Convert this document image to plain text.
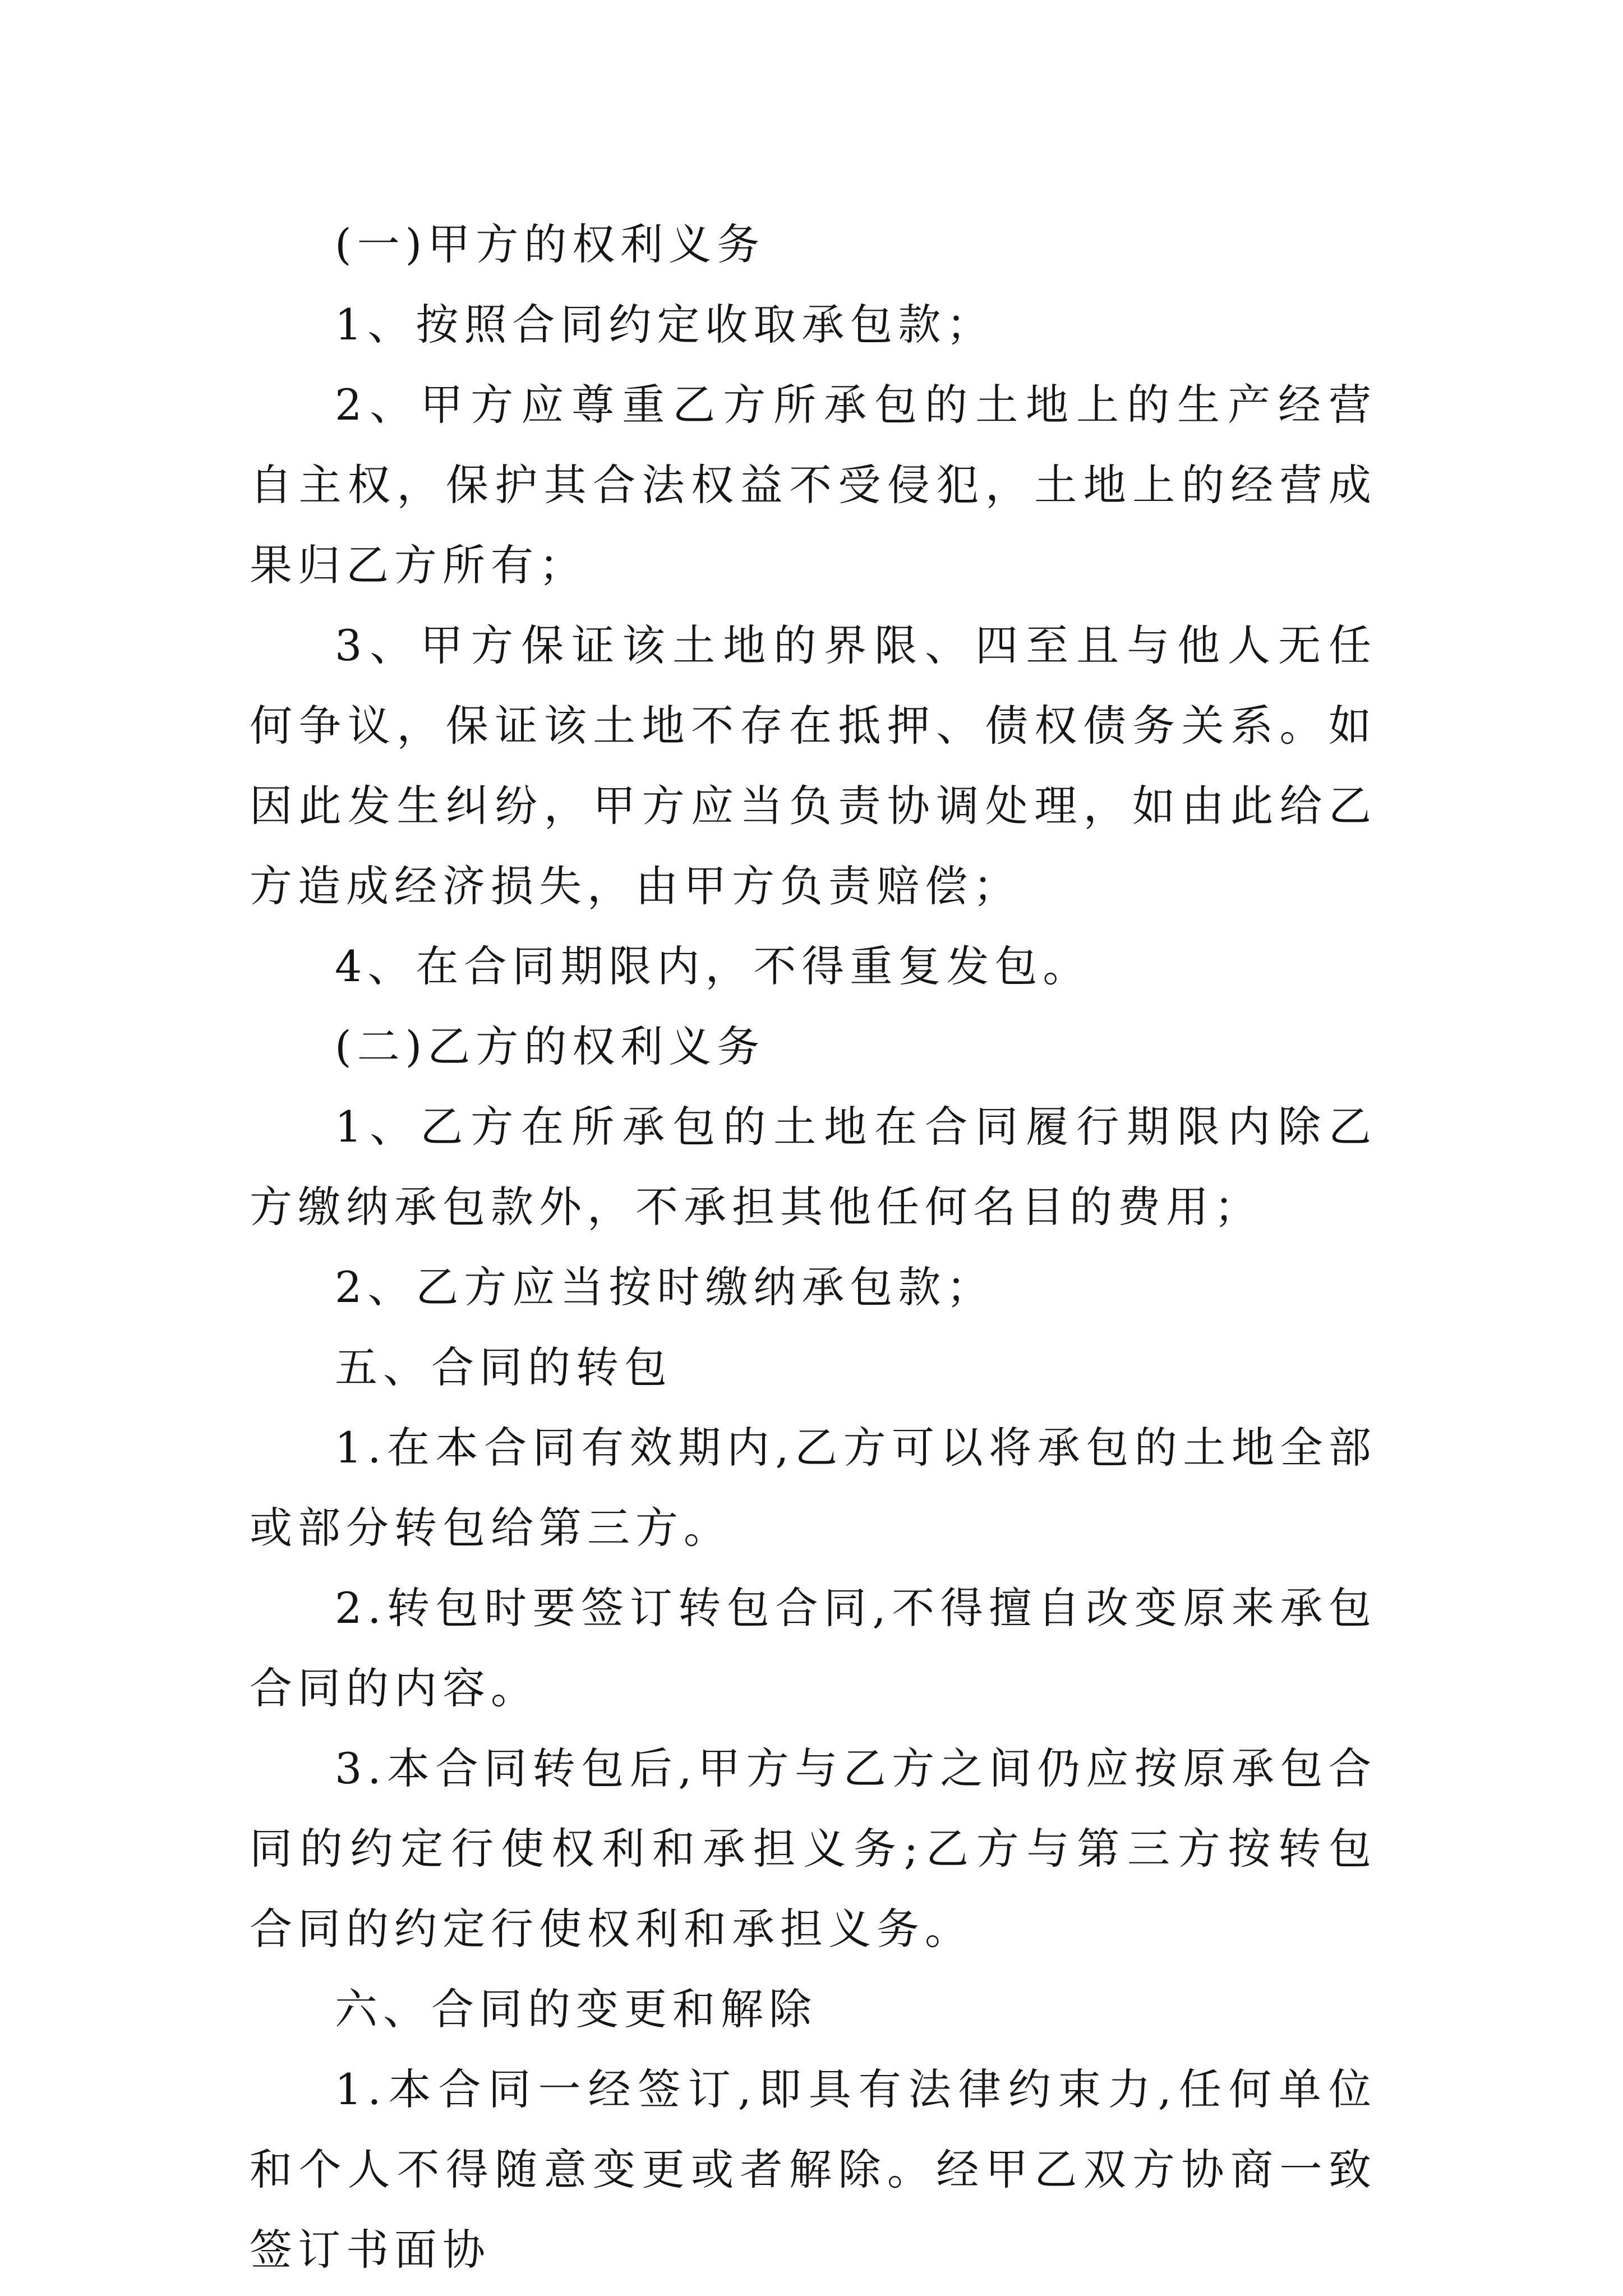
(一)甲方的权利义务

1、按照合同约定收取承包款；

2、甲方应尊重乙方所承包的土地上的生产经营自主权，保护其合法权益不受侵犯，土地上的经营成果归乙方所有；

3、甲方保证该土地的界限、四至且与他人无任何争议，保证该土地不存在抵押、债权债务关系。如因此发生纠纷，甲方应当负责协调处理，如由此给乙方造成经济损失，由甲方负责赔偿；

4、在合同期限内，不得重复发包。

(二)乙方的权利义务

1、乙方在所承包的土地在合同履行期限内除乙方缴纳承包款外，不承担其他任何名目的费用；

2、乙方应当按时缴纳承包款；

五、合同的转包

1.在本合同有效期内,乙方可以将承包的土地全部或部分转包给第三方。

2.转包时要签订转包合同,不得擅自改变原来承包合同的内容。

3.本合同转包后,甲方与乙方之间仍应按原承包合同的约定行使权利和承担义务;乙方与第三方按转包合同的约定行使权利和承担义务。

六、合同的变更和解除

1.本合同一经签订,即具有法律约束力,任何单位和个人不得随意变更或者解除。经甲乙双方协商一致签订书面协
